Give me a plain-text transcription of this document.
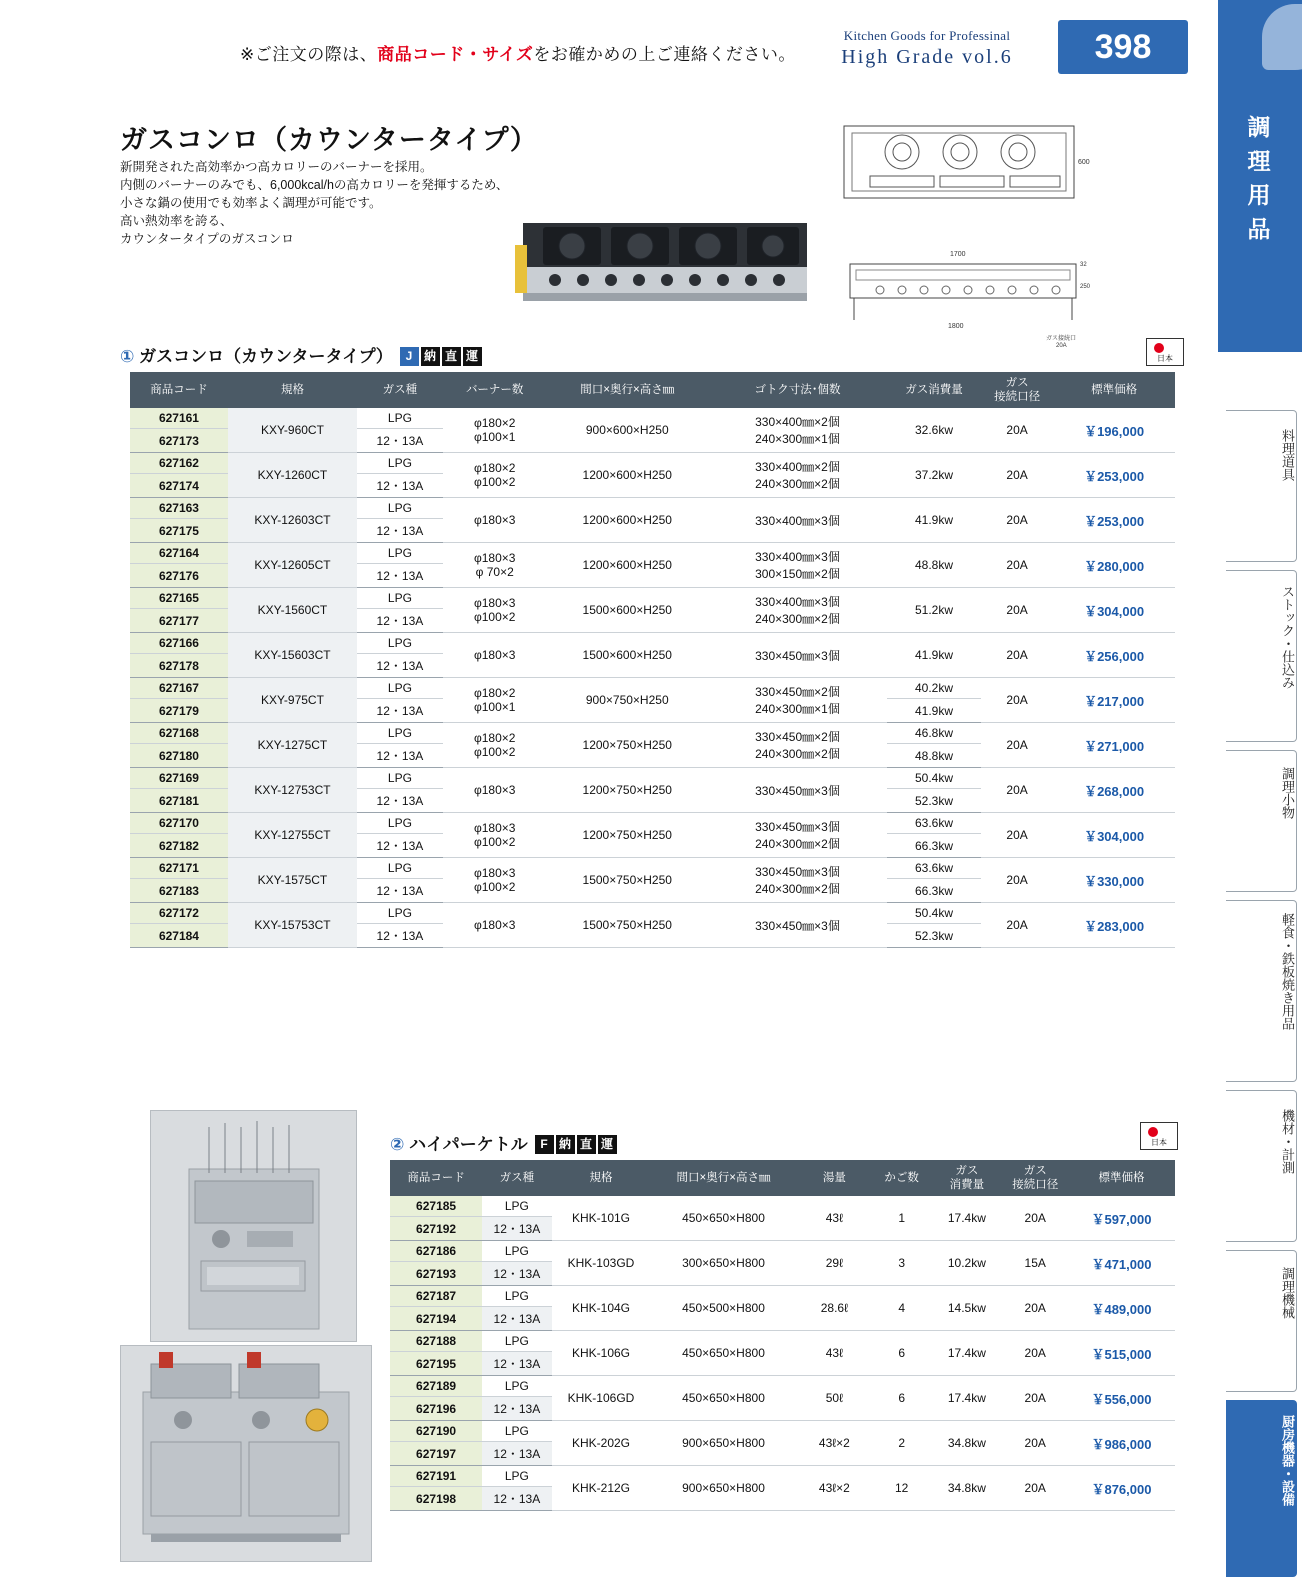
※ご注文の際は、商品コード・サイズをお確かめの上ご連絡ください。
Kitchen Goods for Professinal
High Grade vol.6	398
調
理
用
品
料理道具
ストック・仕込み
調理小物
軽食・鉄板焼き用品
機材・計測
調理機械
厨房機器・設備
ガスコンロ（カウンタータイプ）
新開発された高効率かつ高カロリーのバーナーを採用。
内側のバーナーのみでも、6,000kcal/hの高カロリーを発揮するため、
小さな鍋の使用でも効率よく調理が可能です。
高い熱効率を誇る、
カウンタータイプのガスコンロ
600
1700
1800
32
250
ガス接続口
20A
① ガスコンロ（カウンタータイプ） J 納 直 運	日本
商品コード	規格	ガス種	バーナー数	間口×奥行×高さ㎜	ゴトク寸法･個数	ガス消費量	ガス
接続口径	標準価格
627161	KXY-960CT	LPG	φ180×2
φ100×1	900×600×H250	330×400㎜×2個
240×300㎜×1個	32.6kw	20A	￥196,000
627173		12・13A						
627162	KXY-1260CT	LPG	φ180×2
φ100×2	1200×600×H250	330×400㎜×2個
240×300㎜×2個	37.2kw	20A	￥253,000
627174		12・13A						
627163	KXY-12603CT	LPG	φ180×3	1200×600×H250	330×400㎜×3個	41.9kw	20A	￥253,000
627175		12・13A						
627164	KXY-12605CT	LPG	φ180×3
φ 70×2	1200×600×H250	330×400㎜×3個
300×150㎜×2個	48.8kw	20A	￥280,000
627176		12・13A						
627165	KXY-1560CT	LPG	φ180×3
φ100×2	1500×600×H250	330×400㎜×3個
240×300㎜×2個	51.2kw	20A	￥304,000
627177		12・13A						
627166	KXY-15603CT	LPG	φ180×3	1500×600×H250	330×450㎜×3個	41.9kw	20A	￥256,000
627178		12・13A						
627167	KXY-975CT	LPG	φ180×2
φ100×1	900×750×H250	330×450㎜×2個
240×300㎜×1個	40.2kw	20A	￥217,000
627179		12・13A				41.9kw		
627168	KXY-1275CT	LPG	φ180×2
φ100×2	1200×750×H250	330×450㎜×2個
240×300㎜×2個	46.8kw	20A	￥271,000
627180		12・13A				48.8kw		
627169	KXY-12753CT	LPG	φ180×3	1200×750×H250	330×450㎜×3個	50.4kw	20A	￥268,000
627181		12・13A				52.3kw		
627170	KXY-12755CT	LPG	φ180×3
φ100×2	1200×750×H250	330×450㎜×3個
240×300㎜×2個	63.6kw	20A	￥304,000
627182		12・13A				66.3kw		
627171	KXY-1575CT	LPG	φ180×3
φ100×2	1500×750×H250	330×450㎜×3個
240×300㎜×2個	63.6kw	20A	￥330,000
627183		12・13A				66.3kw		
627172	KXY-15753CT	LPG	φ180×3	1500×750×H250	330×450㎜×3個	50.4kw	20A	￥283,000
627184		12・13A				52.3kw		
② ハイパーケトル F 納 直 運	日本
商品コード	ガス種	規格	間口×奥行×高さ㎜	湯量	かご数	ガス
消費量	ガス
接続口径	標準価格
627185	LPG	KHK-101G	450×650×H800	43ℓ	1	17.4kw	20A	￥597,000
627192	12・13A							
627186	LPG	KHK-103GD	300×650×H800	29ℓ	3	10.2kw	15A	￥471,000
627193	12・13A							
627187	LPG	KHK-104G	450×500×H800	28.6ℓ	4	14.5kw	20A	￥489,000
627194	12・13A							
627188	LPG	KHK-106G	450×650×H800	43ℓ	6	17.4kw	20A	￥515,000
627195	12・13A							
627189	LPG	KHK-106GD	450×650×H800	50ℓ	6	17.4kw	20A	￥556,000
627196	12・13A							
627190	LPG	KHK-202G	900×650×H800	43ℓ×2	2	34.8kw	20A	￥986,000
627197	12・13A							
627191	LPG	KHK-212G	900×650×H800	43ℓ×2	12	34.8kw	20A	￥876,000
627198	12・13A							
